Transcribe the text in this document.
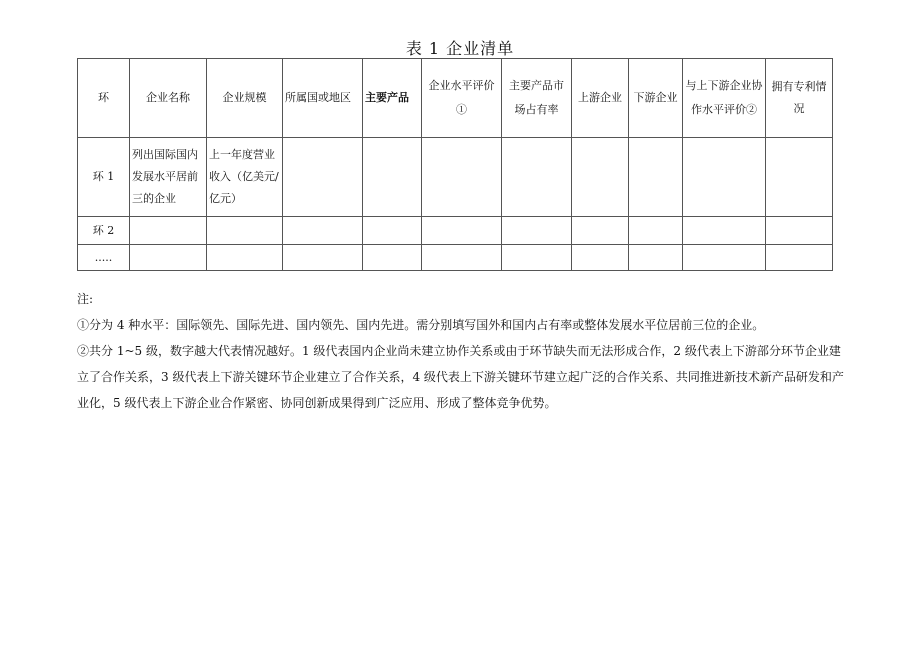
表 1 企业清单
环	企业名称	企业规模	所属国或地区	主要产品	企业水平评价①	主要产品市场占有率	上游企业	下游企业	与上下游企业协作水平评价②	拥有专利情况
环 1	列出国际国内发展水平居前三的企业	上一年度营业收入（亿美元/亿元）								
环 2										
.....										

注:

①分为 4 种水平：国际领先、国际先进、国内领先、国内先进。需分别填写国外和国内占有率或整体发展水平位居前三位的企业。

②共分 1~5 级，数字越大代表情况越好。1 级代表国内企业尚未建立协作关系或由于环节缺失而无法形成合作，2 级代表上下游部分环节企业建立了合作关系，3 级代表上下游关键环节企业建立了合作关系，4 级代表上下游关键环节建立起广泛的合作关系、共同推进新技术新产品研发和产业化，5 级代表上下游企业合作紧密、协同创新成果得到广泛应用、形成了整体竞争优势。
